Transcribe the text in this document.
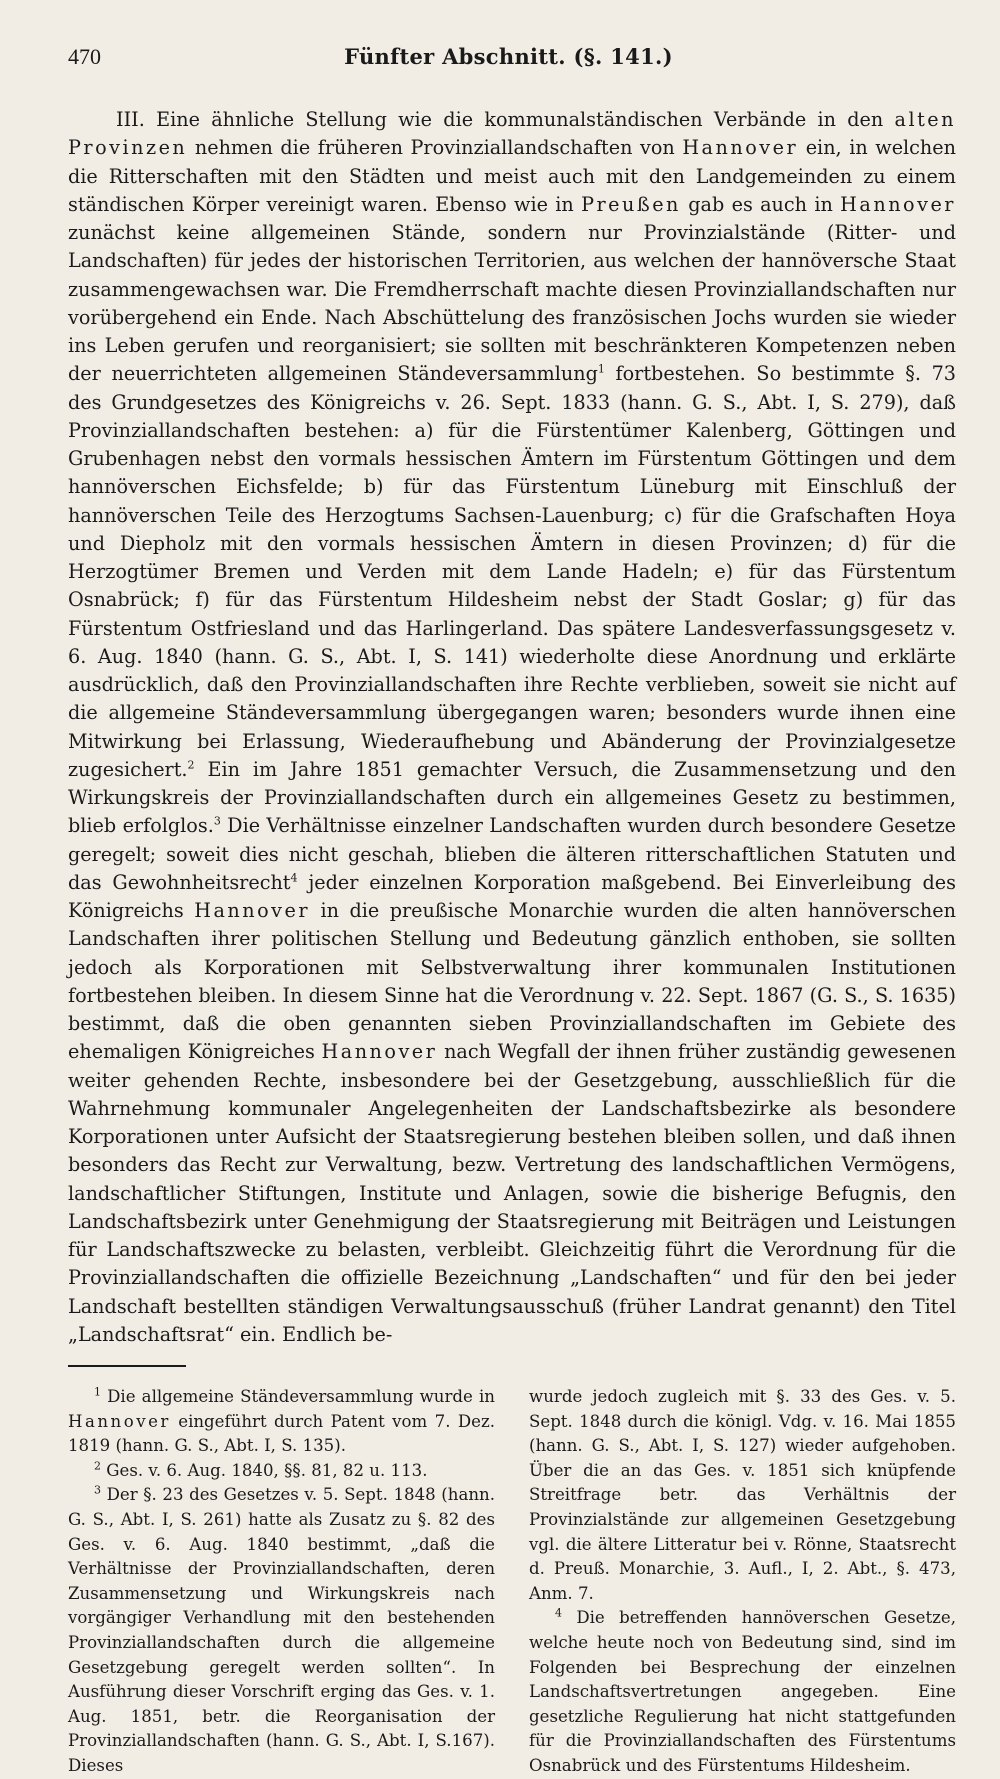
470	Fünfter Abschnitt. (§. 141.)

III. Eine ähnliche Stellung wie die kommunalständischen Verbände in den alten Provinzen nehmen die früheren Provinziallandschaften von Hannover ein, in welchen die Ritterschaften mit den Städten und meist auch mit den Landgemeinden zu einem ständischen Körper vereinigt waren. Ebenso wie in Preußen gab es auch in Hannover zunächst keine allgemeinen Stände, sondern nur Provinzialstände (Ritter- und Landschaften) für jedes der historischen Territorien, aus welchen der hannöversche Staat zusammengewachsen war. Die Fremdherrschaft machte diesen Provinziallandschaften nur vorübergehend ein Ende. Nach Abschüttelung des französischen Jochs wurden sie wieder ins Leben gerufen und reorganisiert; sie sollten mit beschränkteren Kompetenzen neben der neuerrichteten allgemeinen Ständeversammlung$^1$ fortbestehen. So bestimmte §. 73 des Grundgesetzes des Königreichs v. 26. Sept. 1833 (hann. G. S., Abt. I, S. 279), daß Provinziallandschaften bestehen: a) für die Fürstentümer Kalenberg, Göttingen und Grubenhagen nebst den vormals hessischen Ämtern im Fürstentum Göttingen und dem hannöverschen Eichsfelde; b) für das Fürstentum Lüneburg mit Einschluß der hannöverschen Teile des Herzogtums Sachsen-Lauenburg; c) für die Grafschaften Hoya und Diepholz mit den vormals hessischen Ämtern in diesen Provinzen; d) für die Herzogtümer Bremen und Verden mit dem Lande Hadeln; e) für das Fürstentum Osnabrück; f) für das Fürstentum Hildesheim nebst der Stadt Goslar; g) für das Fürstentum Ostfriesland und das Harlingerland. Das spätere Landesverfassungsgesetz v. 6. Aug. 1840 (hann. G. S., Abt. I, S. 141) wiederholte diese Anordnung und erklärte ausdrücklich, daß den Provinziallandschaften ihre Rechte verblieben, soweit sie nicht auf die allgemeine Ständeversammlung übergegangen waren; besonders wurde ihnen eine Mitwirkung bei Erlassung, Wiederaufhebung und Abänderung der Provinzialgesetze zugesichert.$^2$ Ein im Jahre 1851 gemachter Versuch, die Zusammensetzung und den Wirkungskreis der Provinziallandschaften durch ein allgemeines Gesetz zu bestimmen, blieb erfolglos.$^3$ Die Verhältnisse einzelner Landschaften wurden durch besondere Gesetze geregelt; soweit dies nicht geschah, blieben die älteren ritterschaftlichen Statuten und das Gewohnheitsrecht$^4$ jeder einzelnen Korporation maßgebend. Bei Einverleibung des Königreichs Hannover in die preußische Monarchie wurden die alten hannöverschen Landschaften ihrer politischen Stellung und Bedeutung gänzlich enthoben, sie sollten jedoch als Korporationen mit Selbstverwaltung ihrer kommunalen Institutionen fortbestehen bleiben. In diesem Sinne hat die Verordnung v. 22. Sept. 1867 (G. S., S. 1635) bestimmt, daß die oben genannten sieben Provinziallandschaften im Gebiete des ehemaligen Königreiches Hannover nach Wegfall der ihnen früher zuständig gewesenen weiter gehenden Rechte, insbesondere bei der Gesetzgebung, ausschließlich für die Wahrnehmung kommunaler Angelegenheiten der Landschaftsbezirke als besondere Korporationen unter Aufsicht der Staatsregierung bestehen bleiben sollen, und daß ihnen besonders das Recht zur Verwaltung, bezw. Vertretung des landschaftlichen Vermögens, landschaftlicher Stiftungen, Institute und Anlagen, sowie die bisherige Befugnis, den Landschaftsbezirk unter Genehmigung der Staatsregierung mit Beiträgen und Leistungen für Landschaftszwecke zu belasten, verbleibt. Gleichzeitig führt die Verordnung für die Provinziallandschaften die offizielle Bezeichnung „Landschaften“ und für den bei jeder Landschaft bestellten ständigen Verwaltungsausschuß (früher Landrat genannt) den Titel „Landschaftsrat“ ein. Endlich be-

$^1$ Die allgemeine Ständeversammlung wurde in Hannover eingeführt durch Patent vom 7. Dez. 1819 (hann. G. S., Abt. I, S. 135).

$^2$ Ges. v. 6. Aug. 1840, §§. 81, 82 u. 113.

$^3$ Der §. 23 des Gesetzes v. 5. Sept. 1848 (hann. G. S., Abt. I, S. 261) hatte als Zusatz zu §. 82 des Ges. v. 6. Aug. 1840 bestimmt, „daß die Verhältnisse der Provinziallandschaften, deren Zusammensetzung und Wirkungskreis nach vorgängiger Verhandlung mit den bestehenden Provinziallandschaften durch die allgemeine Gesetzgebung geregelt werden sollten“. In Ausführung dieser Vorschrift erging das Ges. v. 1. Aug. 1851, betr. die Reorganisation der Provinziallandschaften (hann. G. S., Abt. I, S.167). Dieses

wurde jedoch zugleich mit §. 33 des Ges. v. 5. Sept. 1848 durch die königl. Vdg. v. 16. Mai 1855 (hann. G. S., Abt. I, S. 127) wieder aufgehoben. Über die an das Ges. v. 1851 sich knüpfende Streitfrage betr. das Verhältnis der Provinzialstände zur allgemeinen Gesetzgebung vgl. die ältere Litteratur bei v. Rönne, Staatsrecht d. Preuß. Monarchie, 3. Aufl., I, 2. Abt., §. 473, Anm. 7.

$^4$ Die betreffenden hannöverschen Gesetze, welche heute noch von Bedeutung sind, sind im Folgenden bei Besprechung der einzelnen Landschaftsvertretungen angegeben. Eine gesetzliche Regulierung hat nicht stattgefunden für die Provinziallandschaften des Fürstentums Osnabrück und des Fürstentums Hildesheim.
